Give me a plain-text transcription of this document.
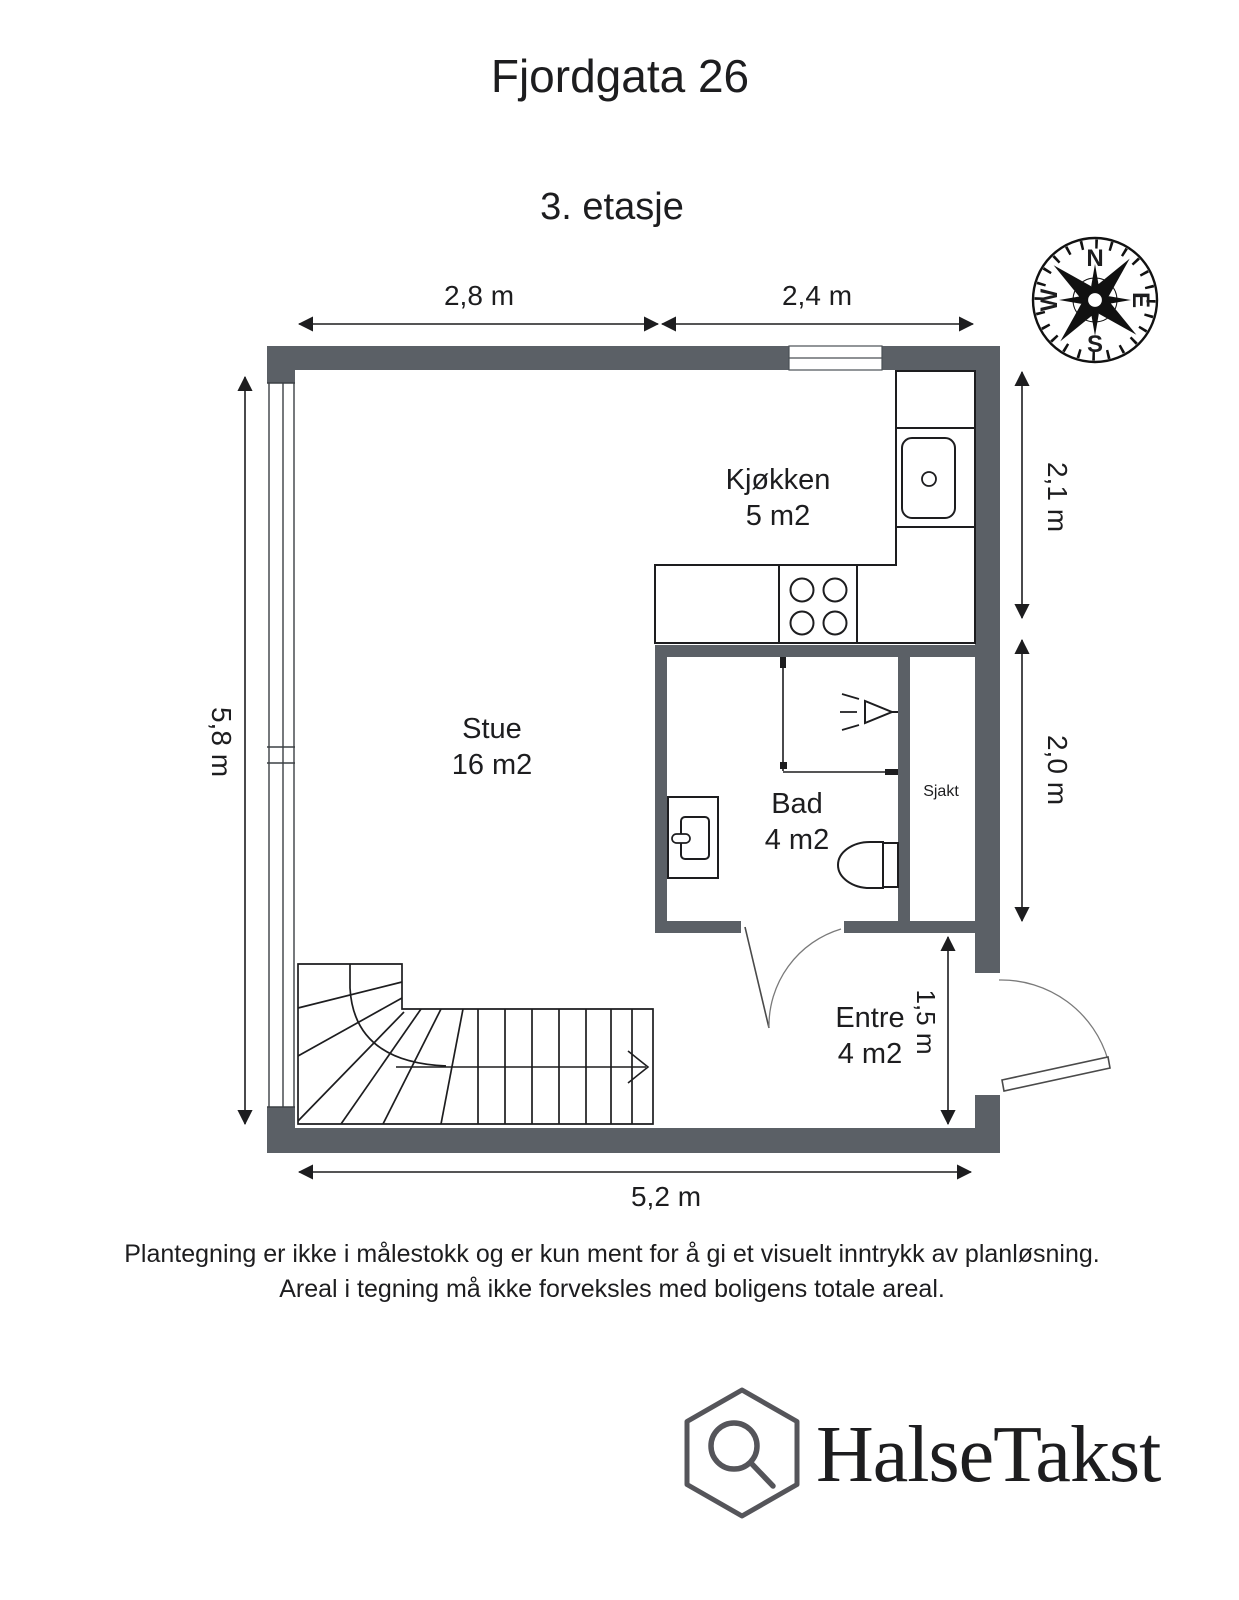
Fjordgata 26
3. etasje
2,8 m	2,4 m
5,8 m
2,1 m
2,0 m
1,5 m
5,2 m
Kjøkken
5 m2
Stue
16 m2
Bad
4 m2
Entre
4 m2
Sjakt
N
E
S
W
Plantegning er ikke i målestokk og er kun ment for å gi et visuelt inntrykk av planløsning.
Areal i tegning må ikke forveksles med boligens totale areal.
HalseTakst
